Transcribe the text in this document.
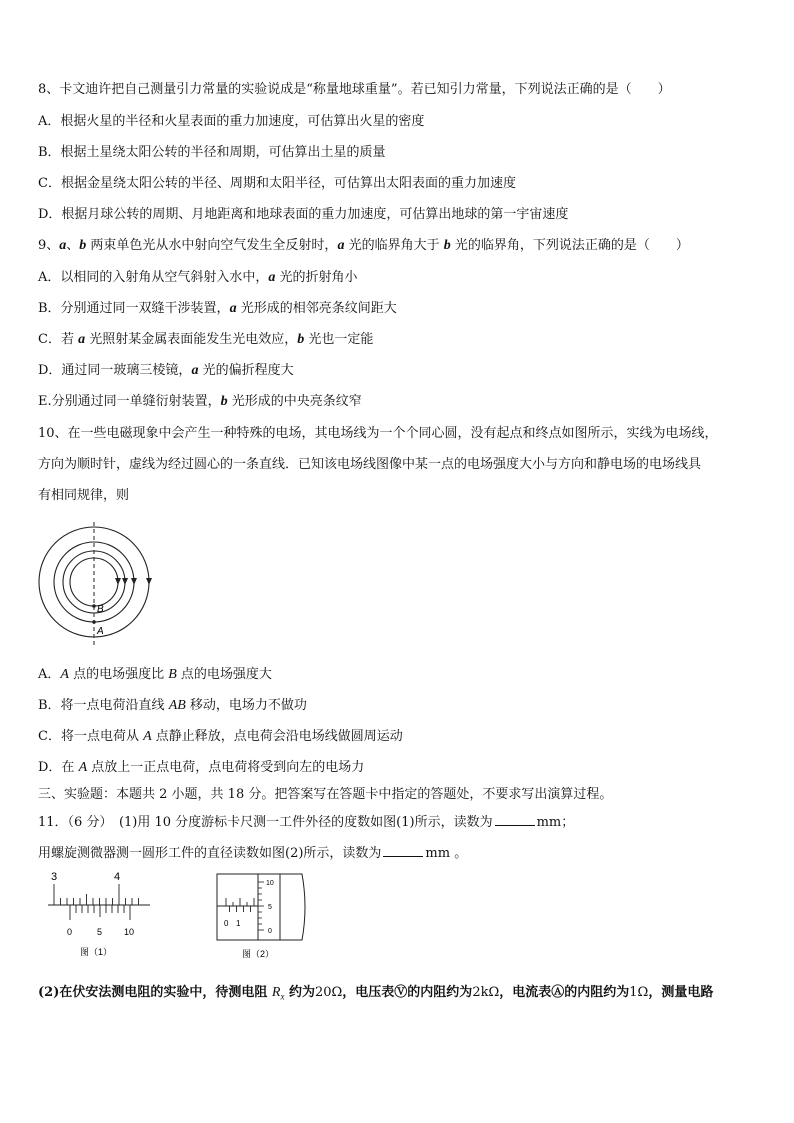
8、卡文迪许把自己测量引力常量的实验说成是“称量地球重量”。若已知引力常量，下列说法正确的是（　　）
A．根据火星的半径和火星表面的重力加速度，可估算出火星的密度
B．根据土星绕太阳公转的半径和周期，可估算出土星的质量
C．根据金星绕太阳公转的半径、周期和太阳半径，可估算出太阳表面的重力加速度
D．根据月球公转的周期、月地距离和地球表面的重力加速度，可估算出地球的第一宇宙速度
9、a、b 两束单色光从水中射向空气发生全反射时，a 光的临界角大于 b 光的临界角，下列说法正确的是（　　）
A．以相同的入射角从空气斜射入水中，a 光的折射角小
B．分别通过同一双缝干涉装置，a 光形成的相邻亮条纹间距大
C．若 a 光照射某金属表面能发生光电效应，b 光也一定能
D．通过同一玻璃三棱镜，a 光的偏折程度大
E.分别通过同一单缝衍射装置，b 光形成的中央亮条纹窄
10、在一些电磁现象中会产生一种特殊的电场，其电场线为一个个同心圆，没有起点和终点如图所示，实线为电场线，
方向为顺时针，虚线为经过圆心的一条直线．已知该电场线图像中某一点的电场强度大小与方向和静电场的电场线具
有相同规律，则
B
A
A．A 点的电场强度比 B 点的电场强度大
B．将一点电荷沿直线 AB 移动，电场力不做功
C．将一点电荷从 A 点静止释放，点电荷会沿电场线做圆周运动
D．在 A 点放上一正点电荷，点电荷将受到向左的电场力
三、实验题：本题共 2 小题，共 18 分。把答案写在答题卡中指定的答题处，不要求写出演算过程。
11．（6 分）　(1)用 10 分度游标卡尺测一工件外径的度数如图(1)所示，读数为	mm；
用螺旋测微器测一圆形工件的直径读数如图(2)所示，读数为	mm 。
3	4
0	5 10
图（1）
0 1
10
5
0
图（2）
(2)在伏安法测电阻的实验中，待测电阻 $R_x$ 约为20Ω，电压表Ⓥ的内阻约为2kΩ，电流表Ⓐ的内阻约为1Ω，测量电路
